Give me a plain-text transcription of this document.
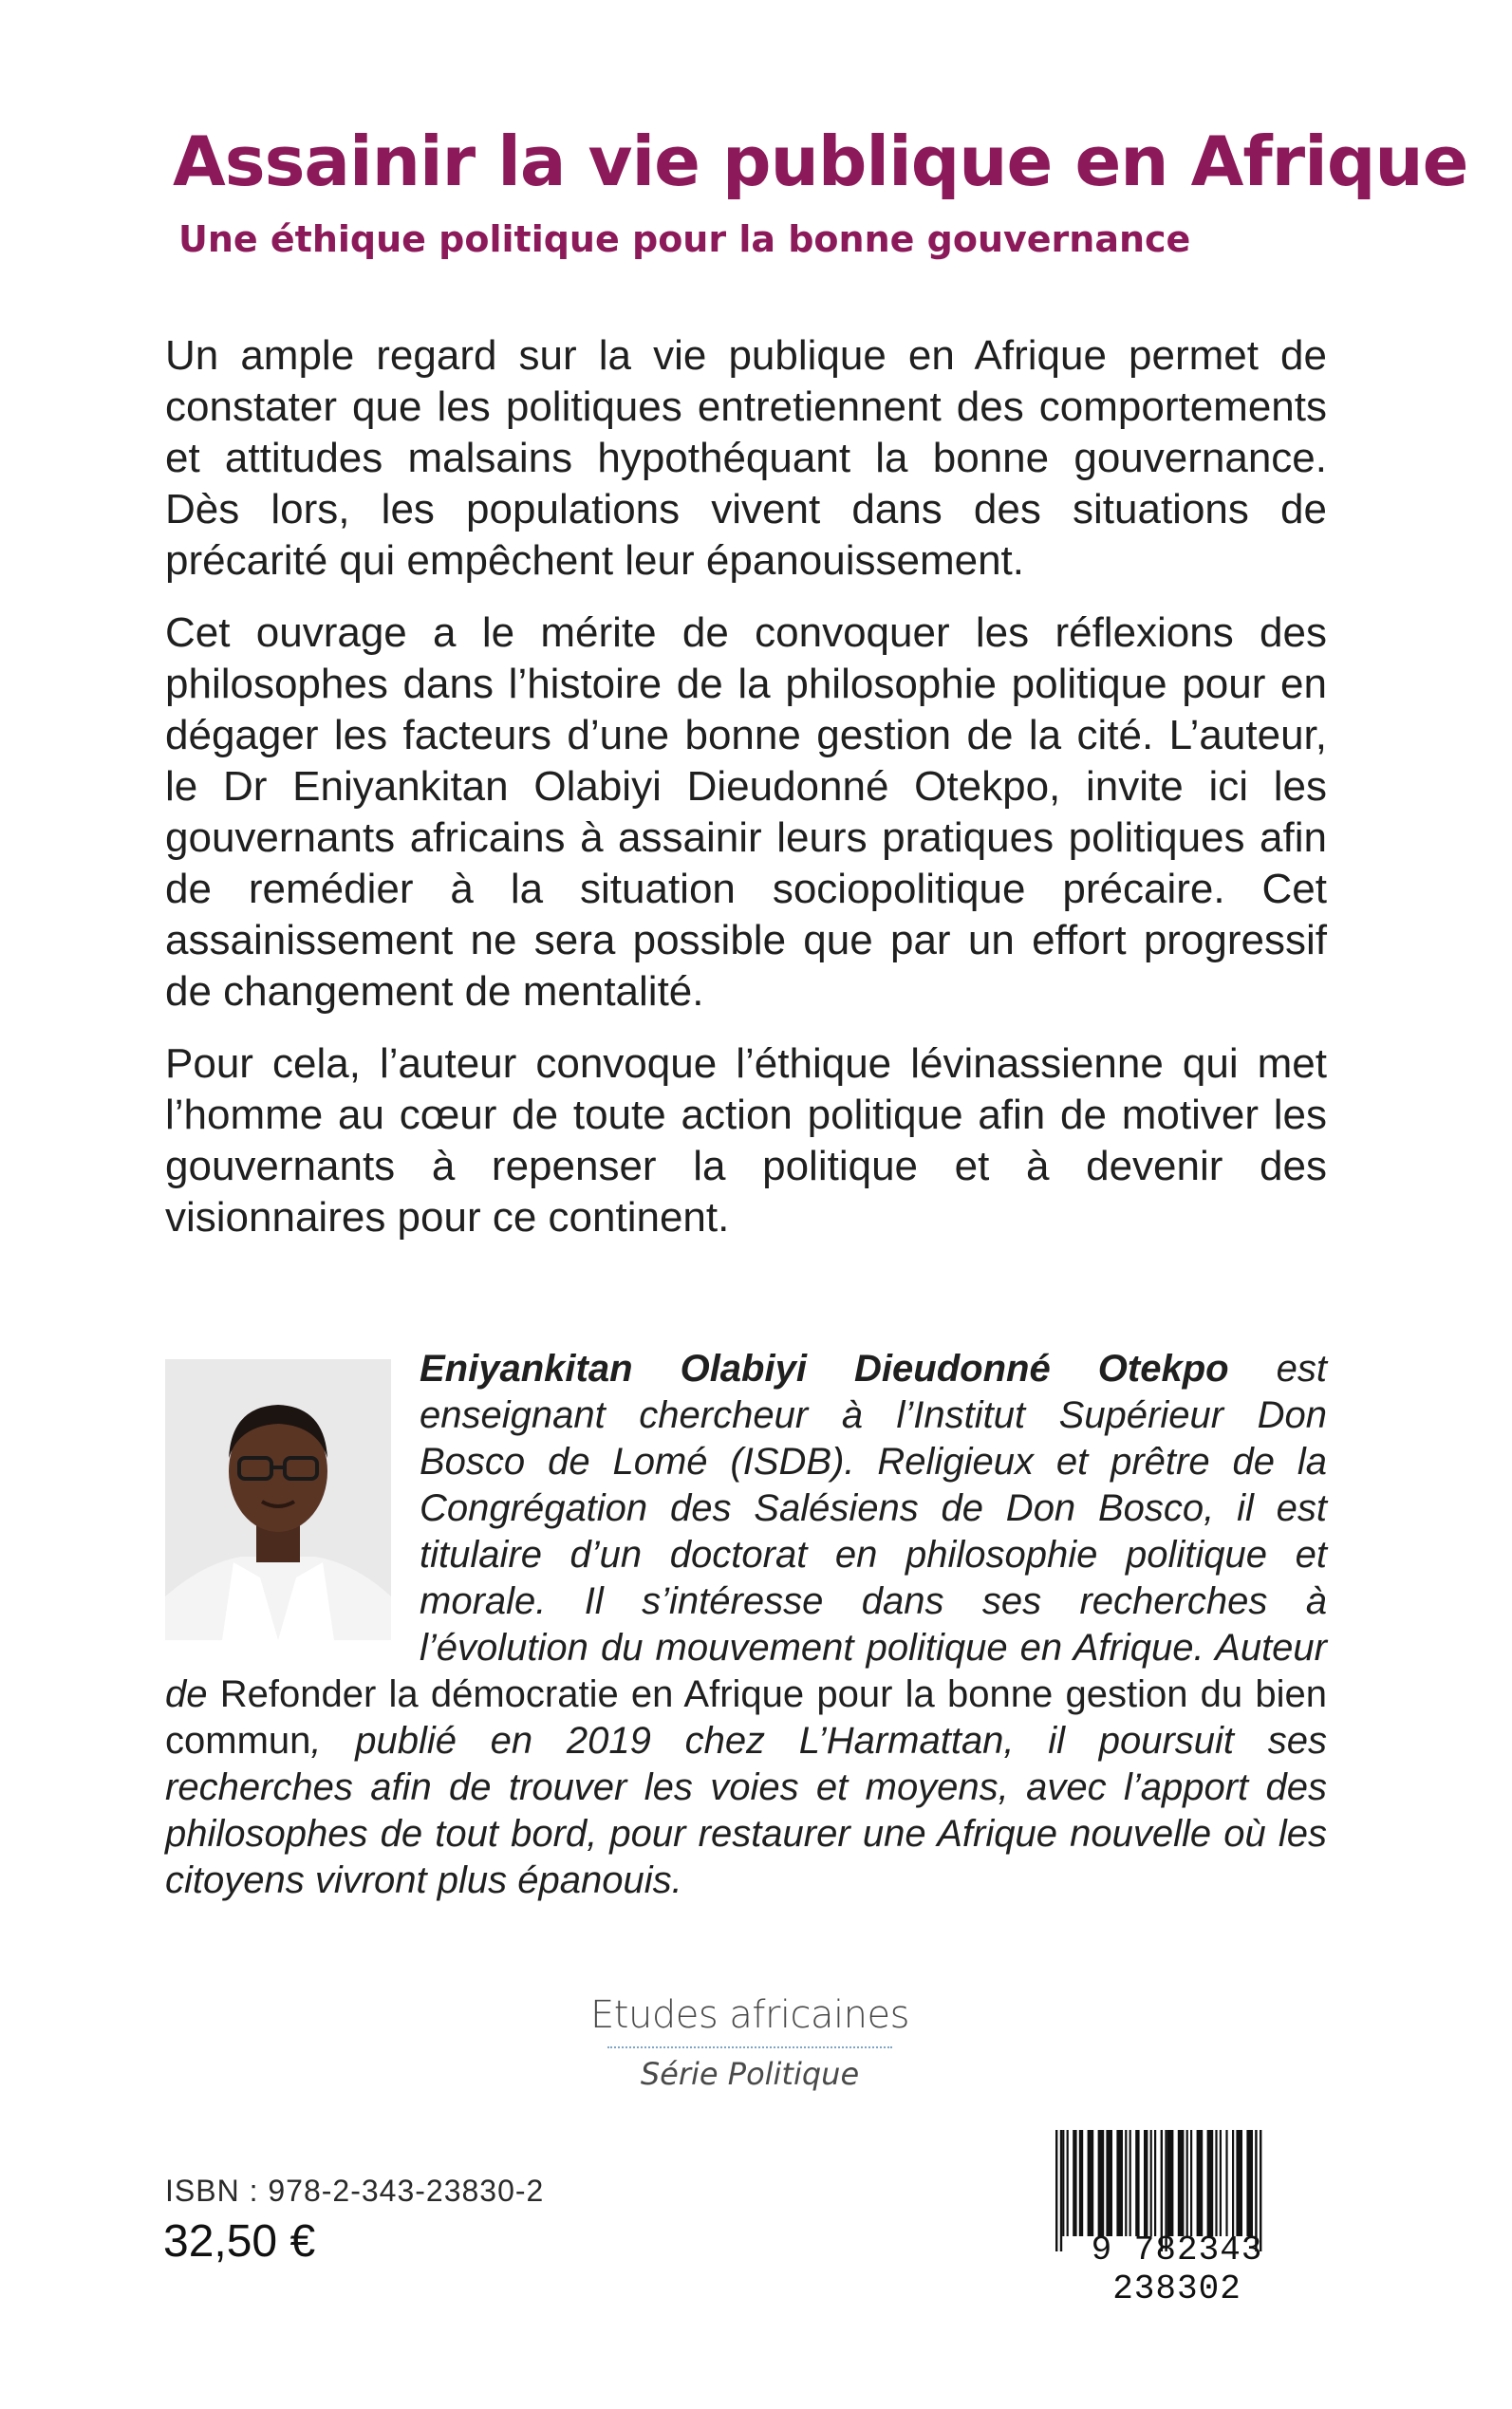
Assainir la vie publique en Afrique
Une éthique politique pour la bonne gouvernance

Un ample regard sur la vie publique en Afrique permet de constater que les politiques entretiennent des comportements et attitudes malsains hypothéquant la bonne gouvernance. Dès lors, les populations vivent dans des situations de précarité qui empêchent leur épanouissement.

Cet ouvrage a le mérite de convoquer les réflexions des philosophes dans l’histoire de la philosophie politique pour en dégager les facteurs d’une bonne gestion de la cité. L’auteur, le Dr Eniyankitan Olabiyi Dieudonné Otekpo, invite ici les gouvernants africains à assainir leurs pratiques politiques afin de remédier à la situation sociopolitique précaire. Cet assainissement ne sera possible que par un effort progressif de changement de mentalité.

Pour cela, l’auteur convoque l’éthique lévinassienne qui met l’homme au cœur de toute action politique afin de motiver les gouvernants à repenser la politique et à devenir des visionnaires pour ce continent.

Eniyankitan Olabiyi Dieudonné Otekpo est enseignant chercheur à l’Institut Supérieur Don Bosco de Lomé (ISDB). Religieux et prêtre de la Congrégation des Salésiens de Don Bosco, il est titulaire d’un doctorat en philosophie politique et morale. Il s’intéresse dans ses recherches à l’évolution du mouvement politique en Afrique. Auteur de Refonder la démocratie en Afrique pour la bonne gestion du bien commun, publié en 2019 chez L’Harmattan, il poursuit ses recherches afin de trouver les voies et moyens, avec l’apport des philosophes de tout bord, pour restaurer une Afrique nouvelle où les citoyens vivront plus épanouis.

Etudes africaines
Série Politique
ISBN : 978-2-343-23830-2
32,50 €	9 782343 238302
